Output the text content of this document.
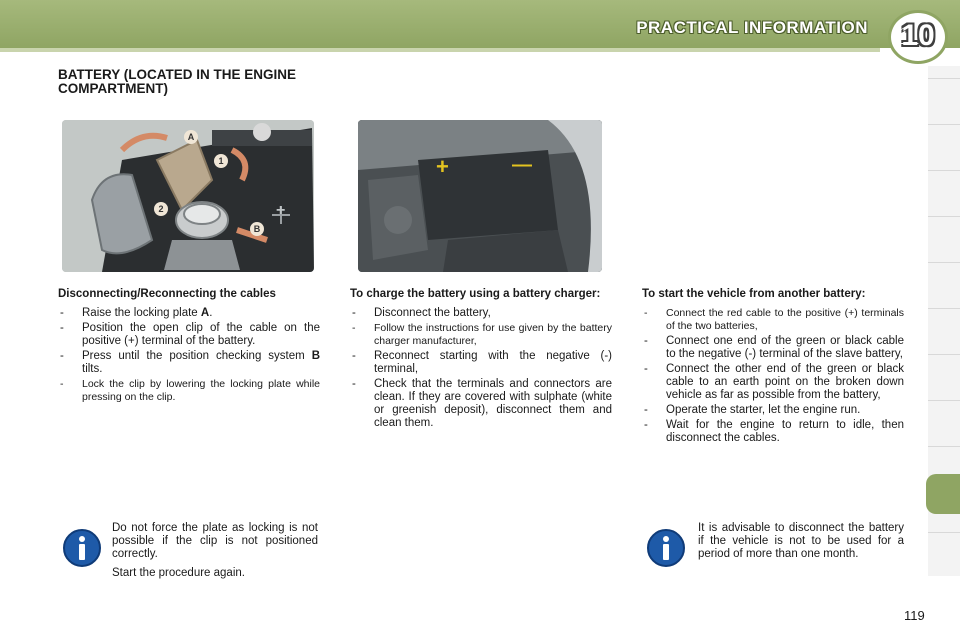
PRACTICAL INFORMATION	10
BATTERY (LOCATED IN THE ENGINE COMPARTMENT)
A
1
2
B
+
+	—
Disconnecting/Reconnecting the cables
- Raise the locking plate A.
- Position the open clip of the cable on the positive (+) terminal of the battery.
- Press until the position checking system B tilts.
- Lock the clip by lowering the locking plate while pressing on the clip.
To charge the battery using a battery charger:
- Disconnect the battery,
- Follow the instructions for use given by the battery charger manufacturer,
- Reconnect starting with the negative (-) terminal,
- Check that the terminals and connectors are clean. If they are covered with sulphate (white or greenish deposit), disconnect them and clean them.
To start the vehicle from another battery:
- Connect the red cable to the positive (+) terminals of the two batteries,
- Connect one end of the green or black cable to the negative (-) terminal of the slave battery,
- Connect the other end of the green or black cable to an earth point on the broken down vehicle as far as possible from the battery,
- Operate the starter, let the engine run.
- Wait for the engine to return to idle, then disconnect the cables.
Do not force the plate as locking is not possible if the clip is not positioned correctly.
Start the procedure again.
It is advisable to disconnect the battery if the vehicle is not to be used for a period of more than one month.
119
